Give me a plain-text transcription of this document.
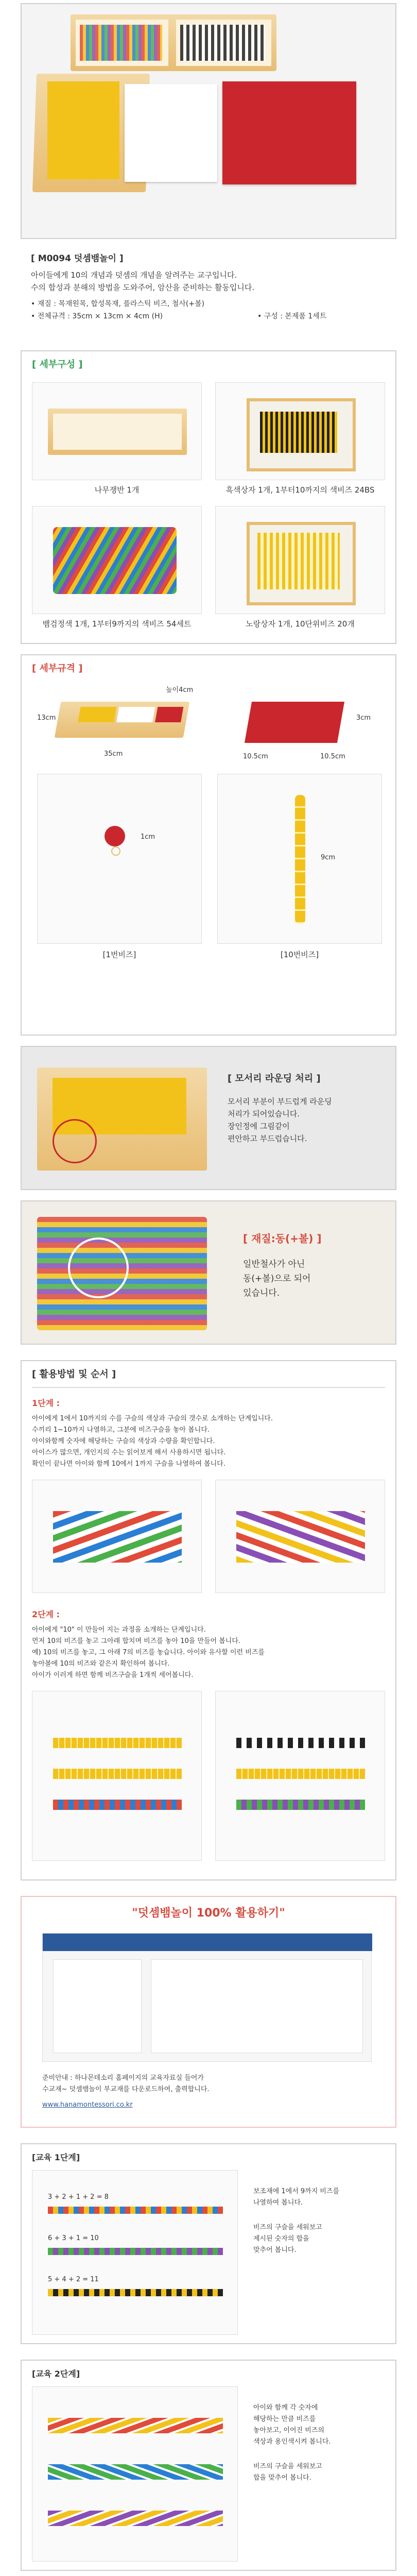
[ M0094 덧셈뱀놀이 ]
아이들에게 10의 개념과 덧셈의 개념을 알려주는 교구입니다.
수의 합성과 분해의 방법을 도와주어, 암산을 준비하는 활동입니다.
• 재질 : 목재원목, 합성목재, 플라스틱 비즈, 철사(+볼)
• 전체규격 : 35cm × 13cm × 4cm (H)	• 구성 : 본제품 1세트
[ 세부구성 ]
나무쟁반 1개	흑색상자 1개, 1부터10까지의 색비즈 24BS
뱀검정색 1개, 1부터9까지의 색비즈 54세트	노랑상자 1개, 10단위비즈 20개
[ 세부규격 ]
높이4cm
13cm
35cm
3cm
10.5cm	10.5cm
1cm
[1번비즈]
9cm
[10번비즈]
[ 모서리 라운딩 처리 ]
모서리 부분이 부드럽게 라운딩
처리가 되어있습니다.
장인정에 그림같이
편안하고 부드럽습니다.
[ 재질:동(+볼) ]
일반철사가 아닌
동(+볼)으로 되어
있습니다.
[ 활용방법 및 순서 ]
1단계 :
아이에게 1에서 10까지의 수를 구슬의 색상과 구슬의 갯수로 소개하는 단계입니다.
수끼리 1~10까지 나열하고, 그분에 비즈구슬을 놓아 봅니다.
아이와함께 숫자에 해당하는 구슬의 색상과 수량을 확인합니다.
아이스가 많으면, 개인지의 수는 읽어보게 해서 사용하시면 됩니다.
확인이 끝나면 아이와 함께 10에서 1까지 구슬을 나열하여 봅니다.
2단계 :
아이에게 "10" 이 만들어 지는 과정을 소개하는 단계입니다.
먼저 10의 비즈를 놓고 그아래 합치며 비즈를 놓아 10을 만들어 봅니다.
예) 10의 비즈를 놓고, 그 아래 7의 비즈를 놓습니다. 아이와 유사할 이런 비즈를
놓아볼에 10의 비즈와 같은지 확인하여 봅니다.
아이가 이러게 하면 함께 비즈구슬을 1개씩 세어봅니다.
"덧셈뱀놀이 100% 활용하기"
준비안내 : 하나몬테소리 홈페이지의 교육자료실 들어가
수교재~ 덧셈뱀놀이 부교재를 다운로드하여, 출력합니다.
www.hanamontessori.co.kr
[교육 1단계]
3 + 2 + 1 + 2 = 8
6 + 3 + 1 = 10
5 + 4 + 2 = 11
보조재에 1에서 9까지 비즈를
나열하여 봅니다.
비즈의 구슬을 세워보고
제시된 숫자의 합을
맞추어 봅니다.
[교육 2단계]
아이와 함께 각 숫자에
해당하는 만큼 비즈를
놓아보고, 이어진 비즈의
색상과 용인색시켜 봅니다.
비즈의 구슬을 세워보고
합을 맞추어 봅니다.
